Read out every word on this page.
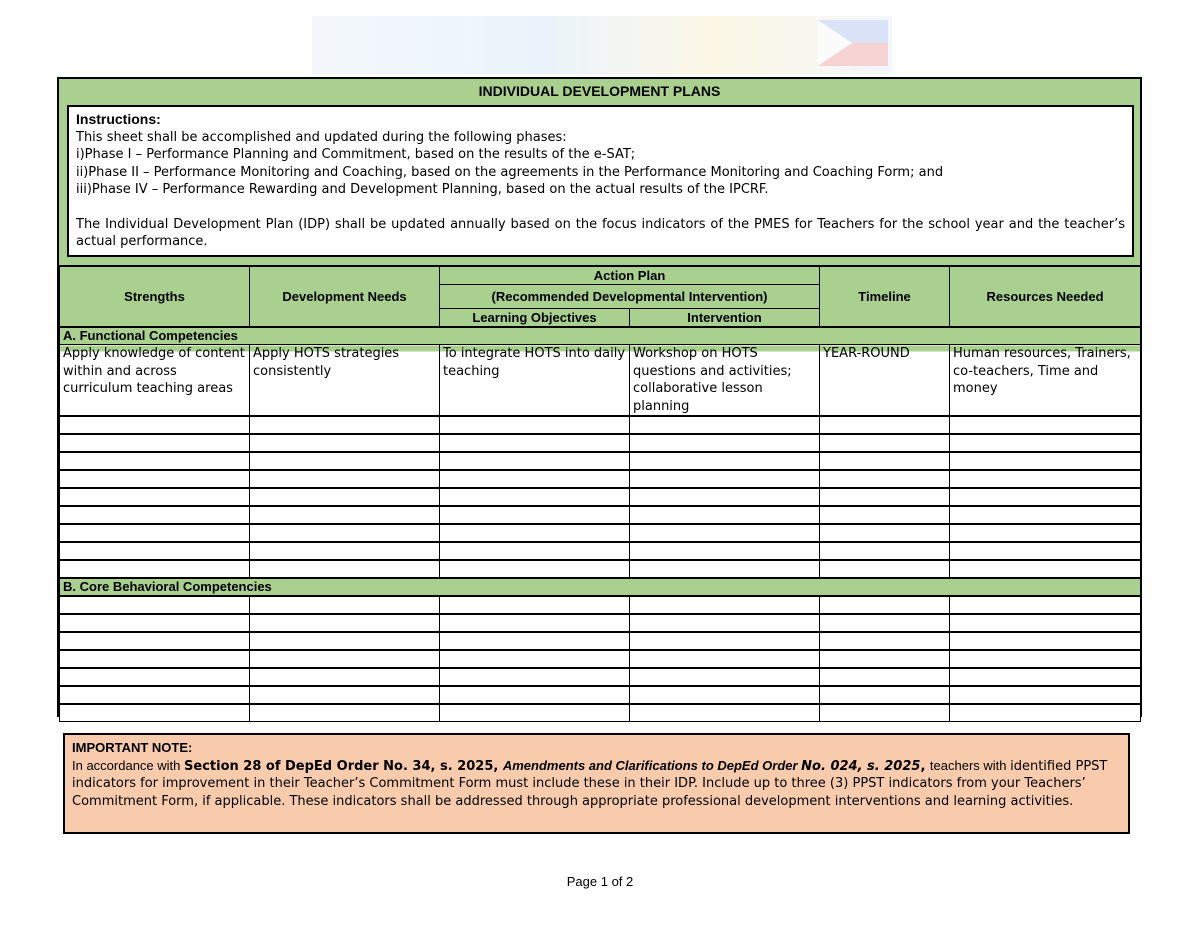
INDIVIDUAL DEVELOPMENT PLANS
Instructions:
This sheet shall be accomplished and updated during the following phases:
i)Phase I – Performance Planning and Commitment, based on the results of the e-SAT;
ii)Phase II – Performance Monitoring and Coaching, based on the agreements in the Performance Monitoring and Coaching Form; and
iii)Phase IV – Performance Rewarding and Development Planning, based on the actual results of the IPCRF.
The Individual Development Plan (IDP) shall be updated annually based on the focus indicators of the PMES for Teachers for the school year and the teacher’s actual performance.
Strengths	Development Needs	Action Plan		Timeline	Resources Needed
		(Recommended Developmental Intervention)			
		Learning Objectives	Intervention		
A. Functional Competencies					
Apply knowledge of content within and across curriculum teaching areas	Apply HOTS strategies consistently	To integrate HOTS into daily teaching	Workshop on HOTS questions and activities; collaborative lesson planning	YEAR-ROUND	Human resources, Trainers, co-teachers, Time and money

B. Core Behavioral Competencies					

IMPORTANT NOTE:
In accordance with Section 28 of DepEd Order No. 34, s. 2025, Amendments and Clarifications to DepEd Order No. 024, s. 2025, teachers with identified PPST indicators for improvement in their Teacher’s Commitment Form must include these in their IDP. Include up to three (3) PPST indicators from your Teachers’ Commitment Form, if applicable. These indicators shall be addressed through appropriate professional development interventions and learning activities.
Page 1 of 2
